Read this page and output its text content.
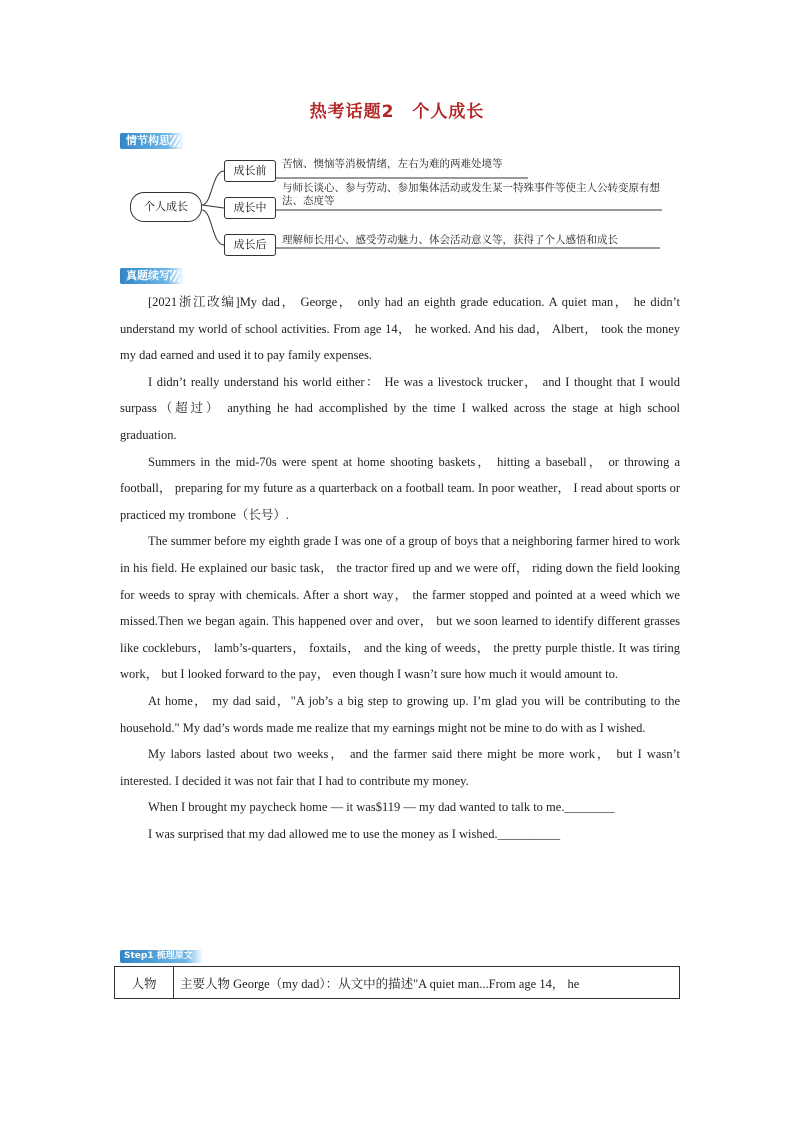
热考话题2　个人成长
情节构思
个人成长
成长前
成长中
成长后
苦恼、懊恼等消极情绪，左右为难的两难处境等
与师长谈心、参与劳动、参加集体活动或发生某一特殊事件等使主人公转变原有想法、态度等
理解师长用心、感受劳动魅力、体会活动意义等，获得了个人感悟和成长
真题续写

[2021浙江改编]My dad， George， only had an eighth grade education. A quiet man， he didn’t understand my world of school activities. From age 14， he worked. And his dad， Albert， took the money my dad earned and used it to pay family expenses.

I didn’t really understand his world either： He was a livestock trucker， and I thought that I would surpass（超过） anything he had accomplished by the time I walked across the stage at high school graduation.

Summers in the mid-70s were spent at home shooting baskets， hitting a baseball， or throwing a football， preparing for my future as a quarterback on a football team. In poor weather， I read about sports or practiced my trombone（长号）.

The summer before my eighth grade I was one of a group of boys that a neighboring farmer hired to work in his field. He explained our basic task， the tractor fired up and we were off， riding down the field looking for weeds to spray with chemicals. After a short way， the farmer stopped and pointed at a weed which we missed.Then we began again. This happened over and over， but we soon learned to identify different grasses like cockleburs， lamb’s-quarters， foxtails， and the king of weeds， the pretty purple thistle. It was tiring work， but I looked forward to the pay， even though I wasn’t sure how much it would amount to.

At home， my dad said，"A job’s a big step to growing up. I’m glad you will be contributing to the household." My dad’s words made me realize that my earnings might not be mine to do with as I wished.

My labors lasted about two weeks， and the farmer said there might be more work， but I wasn’t interested. I decided it was not fair that I had to contribute my money.

When I brought my paycheck home — it was$119 — my dad wanted to talk to me.________

I was surprised that my dad allowed me to use the money as I wished.__________

Step1 梳理原文
人物	主要人物 George（my dad）：从文中的描述"A quiet man...From age 14， he
